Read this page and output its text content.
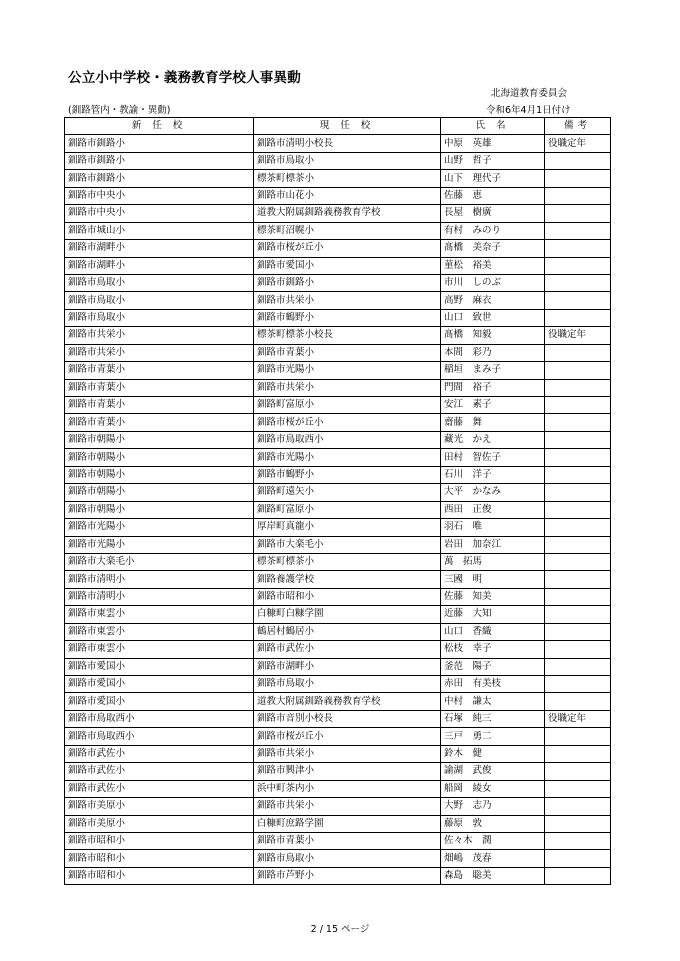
公立小中学校・義務教育学校人事異動
北海道教育委員会
(釧路管内・教諭・異動)	令和6年4月1日付け
新 任 校	現 任 校	氏 名	備考
釧路市釧路小	釧路市清明小校長	中原　英雄	役職定年
釧路市釧路小	釧路市鳥取小	山野　哲子	
釧路市釧路小	標茶町標茶小	山下　理代子	
釧路市中央小	釧路市山花小	佐藤　恵	
釧路市中央小	道教大附属釧路義務教育学校	長屋　樹廣	
釧路市城山小	標茶町沼幌小	有村　みのり	
釧路市湖畔小	釧路市桜が丘小	髙橋　美奈子	
釧路市湖畔小	釧路市愛国小	菫松　裕美	
釧路市鳥取小	釧路市釧路小	市川　しのぶ	
釧路市鳥取小	釧路市共栄小	高野　麻衣	
釧路市鳥取小	釧路市鶴野小	山口　致世	
釧路市共栄小	標茶町標茶小校長	髙橋　知毅	役職定年
釧路市共栄小	釧路市青葉小	本間　彩乃	
釧路市青葉小	釧路市光陽小	稲垣　まみ子	
釧路市青葉小	釧路市共栄小	門間　裕子	
釧路市青葉小	釧路町富原小	安江　素子	
釧路市青葉小	釧路市桜が丘小	齋藤　舞	
釧路市朝陽小	釧路市鳥取西小	藏光　かえ	
釧路市朝陽小	釧路市光陽小	田村　智佐子	
釧路市朝陽小	釧路市鶴野小	石川　洋子	
釧路市朝陽小	釧路町遠矢小	大平　かなみ	
釧路市朝陽小	釧路町富原小	西田　正俊	
釧路市光陽小	厚岸町真龍小	羽石　唯	
釧路市光陽小	釧路市大楽毛小	岩田　加奈江	
釧路市大楽毛小	標茶町標茶小	萬　拓馬	
釧路市清明小	釧路養護学校	三國　明	
釧路市清明小	釧路市昭和小	佐藤　知美	
釧路市東雲小	白糠町白糠学園	近藤　大知	
釧路市東雲小	鶴居村鶴居小	山口　香織	
釧路市東雲小	釧路市武佐小	松枝　幸子	
釧路市愛国小	釧路市湖畔小	釜范　陽子	
釧路市愛国小	釧路市鳥取小	赤田　有美枝	
釧路市愛国小	道教大附属釧路義務教育学校	中村　謙太	
釧路市鳥取西小	釧路市音別小校長	石塚　純三	役職定年
釧路市鳥取西小	釧路市桜が丘小	三戸　勇二	
釧路市武佐小	釧路市共栄小	鈴木　健	
釧路市武佐小	釧路市興津小	諭湖　武俊	
釧路市武佐小	浜中町茶内小	船岡　綾女	
釧路市美原小	釧路市共栄小	大野　志乃	
釧路市美原小	白糠町庶路学園	藤原　敦	
釧路市昭和小	釧路市青葉小	佐々木　潤	
釧路市昭和小	釧路市鳥取小	畑嶋　茂春	
釧路市昭和小	釧路市芦野小	森島　聡美	
2 / 15 ページ
